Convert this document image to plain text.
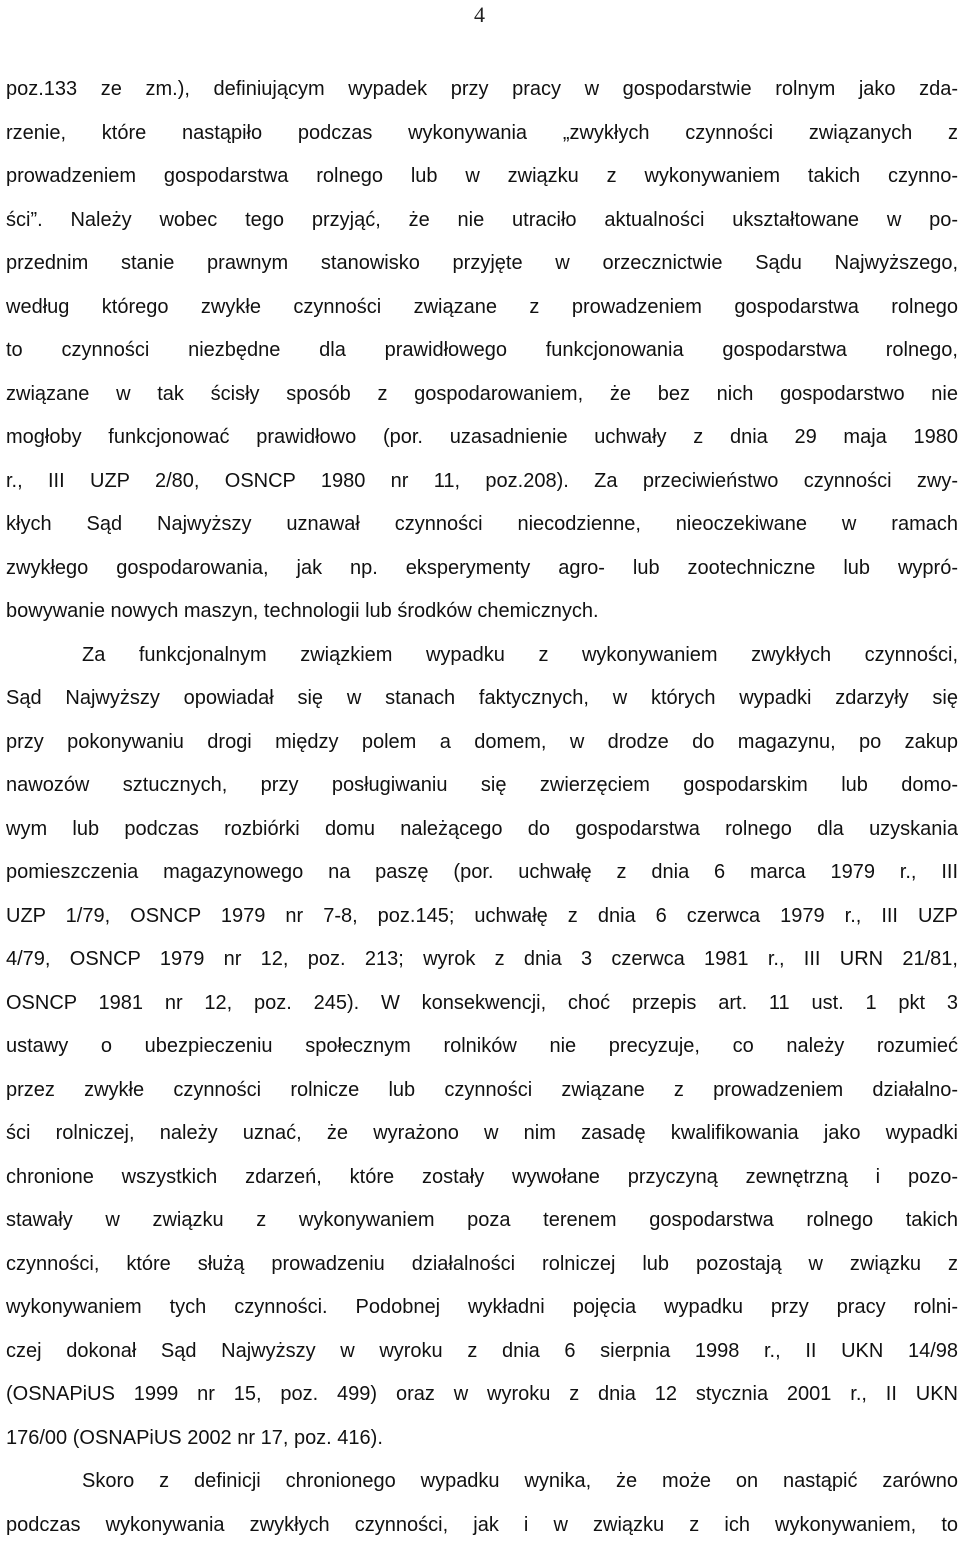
4
poz.133 ze zm.), definiującym wypadek przy pracy w gospodarstwie rolnym jako zda-
rzenie, które nastąpiło podczas wykonywania „zwykłych czynności związanych z
prowadzeniem gospodarstwa rolnego lub w związku z wykonywaniem takich czynno-
ści”. Należy wobec tego przyjąć, że nie utraciło aktualności ukształtowane w po-
przednim stanie prawnym stanowisko przyjęte w orzecznictwie Sądu Najwyższego,
według którego zwykłe czynności związane z prowadzeniem gospodarstwa rolnego
to czynności niezbędne dla prawidłowego funkcjonowania gospodarstwa rolnego,
związane w tak ścisły sposób z gospodarowaniem, że bez nich gospodarstwo nie
mogłoby funkcjonować prawidłowo (por. uzasadnienie uchwały z dnia 29 maja 1980
r., III UZP 2/80, OSNCP 1980 nr 11, poz.208). Za przeciwieństwo czynności zwy-
kłych Sąd Najwyższy uznawał czynności niecodzienne, nieoczekiwane w ramach
zwykłego gospodarowania, jak np. eksperymenty agro- lub zootechniczne lub wypró-
bowywanie nowych maszyn, technologii lub środków chemicznych.
Za funkcjonalnym związkiem wypadku z wykonywaniem zwykłych czynności,
Sąd Najwyższy opowiadał się w stanach faktycznych, w których wypadki zdarzyły się
przy pokonywaniu drogi między polem a domem, w drodze do magazynu, po zakup
nawozów sztucznych, przy posługiwaniu się zwierzęciem gospodarskim lub domo-
wym lub podczas rozbiórki domu należącego do gospodarstwa rolnego dla uzyskania
pomieszczenia magazynowego na paszę (por. uchwałę z dnia 6 marca 1979 r., III
UZP 1/79, OSNCP 1979 nr 7-8, poz.145; uchwałę z dnia 6 czerwca 1979 r., III UZP
4/79, OSNCP 1979 nr 12, poz. 213; wyrok z dnia 3 czerwca 1981 r., III URN 21/81,
OSNCP 1981 nr 12, poz. 245). W konsekwencji, choć przepis art. 11 ust. 1 pkt 3
ustawy o ubezpieczeniu społecznym rolników nie precyzuje, co należy rozumieć
przez zwykłe czynności rolnicze lub czynności związane z prowadzeniem działalno-
ści rolniczej, należy uznać, że wyrażono w nim zasadę kwalifikowania jako wypadki
chronione wszystkich zdarzeń, które zostały wywołane przyczyną zewnętrzną i pozo-
stawały w związku z wykonywaniem poza terenem gospodarstwa rolnego takich
czynności, które służą prowadzeniu działalności rolniczej lub pozostają w związku z
wykonywaniem tych czynności. Podobnej wykładni pojęcia wypadku przy pracy rolni-
czej dokonał Sąd Najwyższy w wyroku z dnia 6 sierpnia 1998 r., II UKN 14/98
(OSNAPiUS 1999 nr 15, poz. 499) oraz w wyroku z dnia 12 stycznia 2001 r., II UKN
176/00 (OSNAPiUS 2002 nr 17, poz. 416).
Skoro z definicji chronionego wypadku wynika, że może on nastąpić zarówno
podczas wykonywania zwykłych czynności, jak i w związku z ich wykonywaniem, to
